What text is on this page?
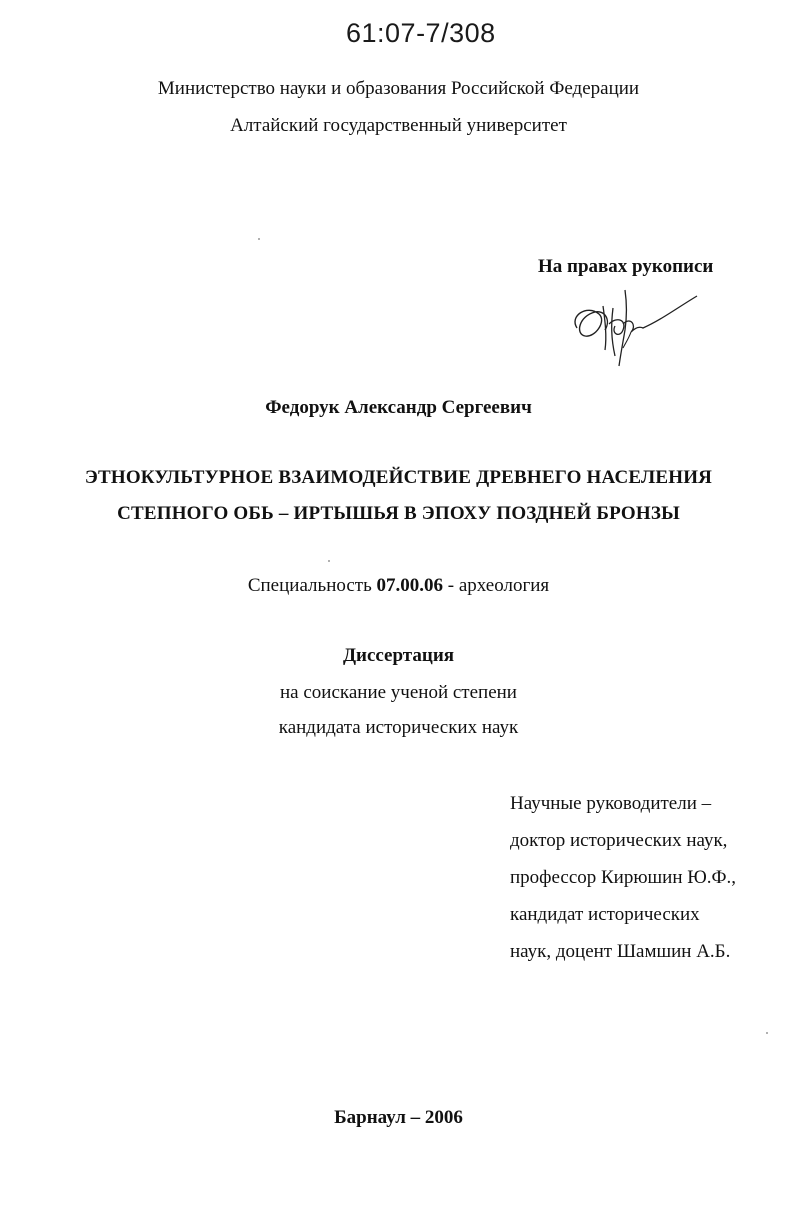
61:07-7/308
Министерство науки и образования Российской Федерации
Алтайский государственный университет
На правах рукописи
Федорук Александр Сергеевич
ЭТНОКУЛЬТУРНОЕ ВЗАИМОДЕЙСТВИЕ ДРЕВНЕГО НАСЕЛЕНИЯ
СТЕПНОГО ОБЬ – ИРТЫШЬЯ В ЭПОХУ ПОЗДНЕЙ БРОНЗЫ
Специальность 07.00.06 - археология
Диссертация
на соискание ученой степени
кандидата исторических наук
Научные руководители –
доктор исторических наук,
профессор Кирюшин Ю.Ф.,
кандидат исторических
наук, доцент Шамшин А.Б.
Барнаул – 2006
